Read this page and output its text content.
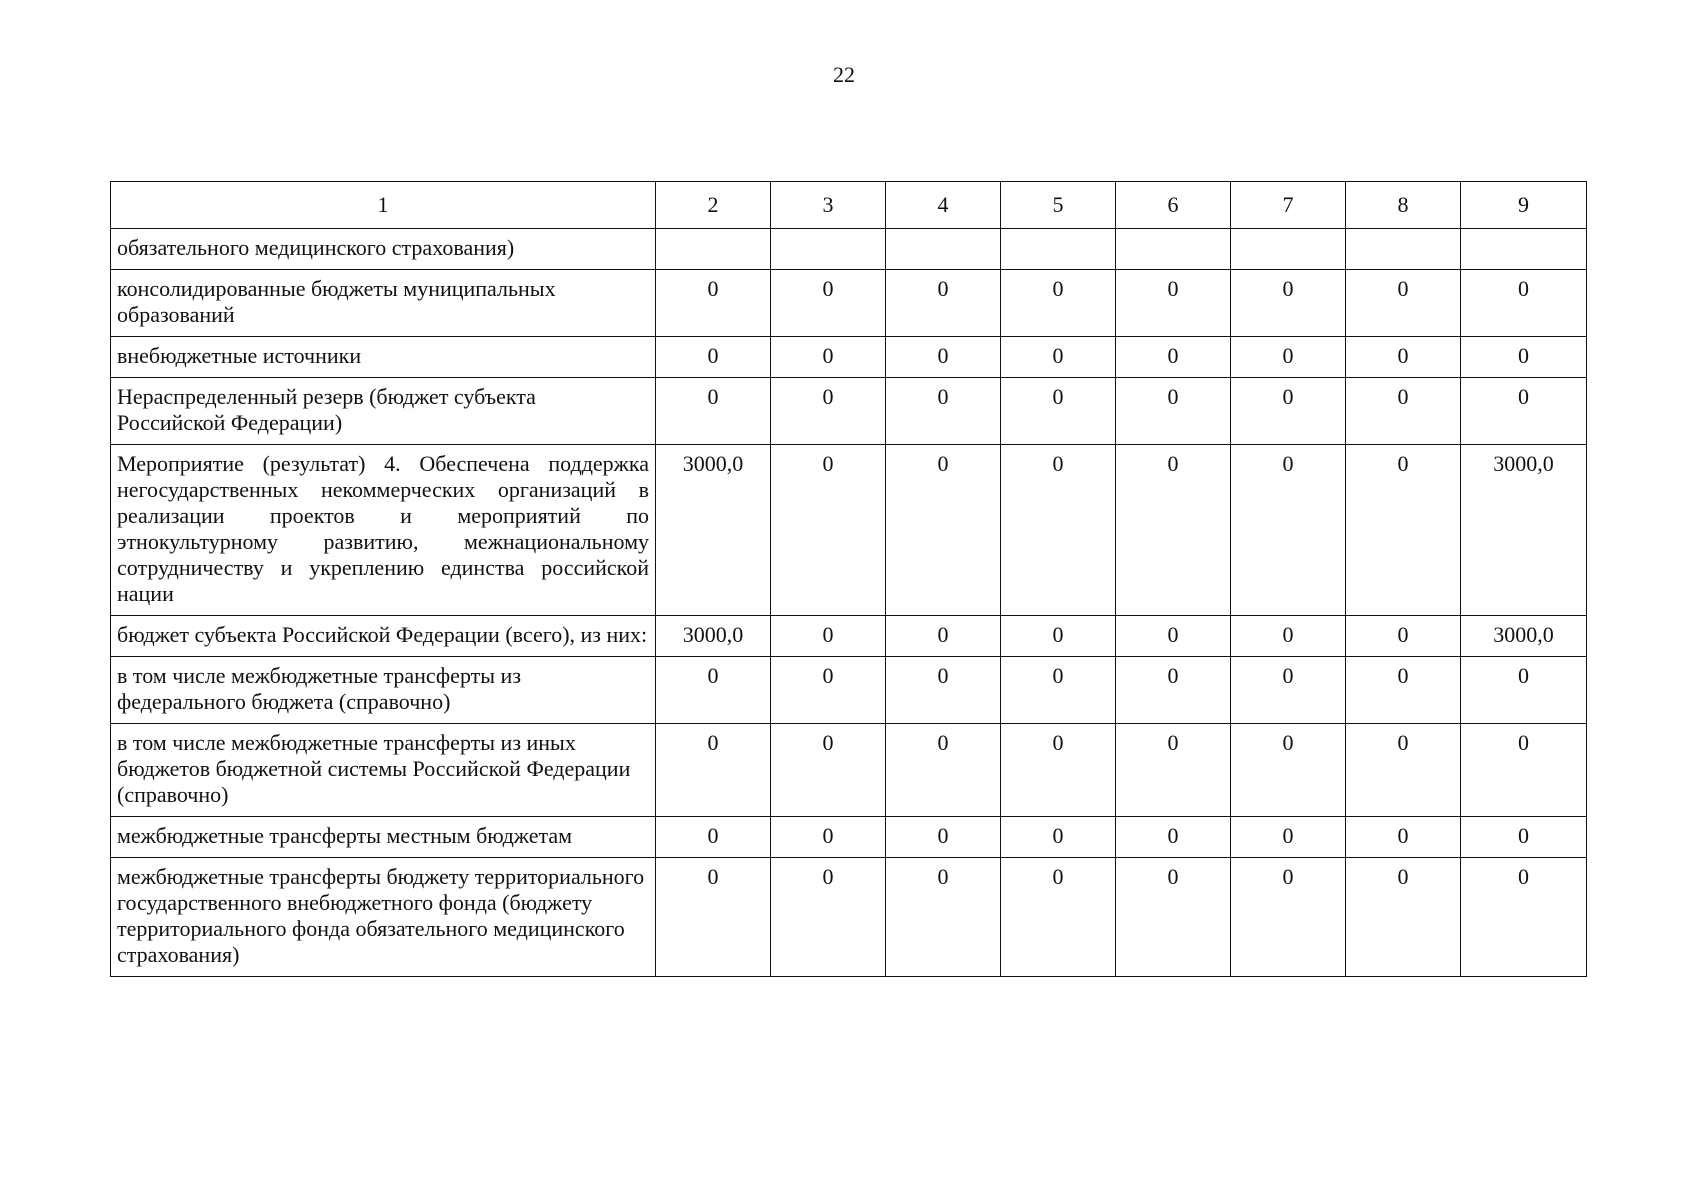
22
1	2	3	4	5	6	7	8	9
обязательного медицинского страхования)								
консолидированные бюджеты муниципальных образований	0	0	0	0	0	0	0	0
внебюджетные источники	0	0	0	0	0	0	0	0
Нераспределенный резерв (бюджет субъекта Российской Федерации)	0	0	0	0	0	0	0	0
Мероприятие (результат) 4. Обеспечена поддержка негосударственных некоммерческих организаций в реализации проектов и мероприятий по этнокультурному развитию, межнациональному сотрудничеству и укреплению единства российской нации	3000,0	0	0	0	0	0	0	3000,0
бюджет субъекта Российской Федерации (всего), из них:	3000,0	0	0	0	0	0	0	3000,0
в том числе межбюджетные трансферты из федерального бюджета (справочно)	0	0	0	0	0	0	0	0
в том числе межбюджетные трансферты из иных бюджетов бюджетной системы Российской Федерации (справочно)	0	0	0	0	0	0	0	0
межбюджетные трансферты местным бюджетам	0	0	0	0	0	0	0	0
межбюджетные трансферты бюджету территориального государственного внебюджетного фонда (бюджету территориального фонда обязательного медицинского страхования)	0	0	0	0	0	0	0	0
